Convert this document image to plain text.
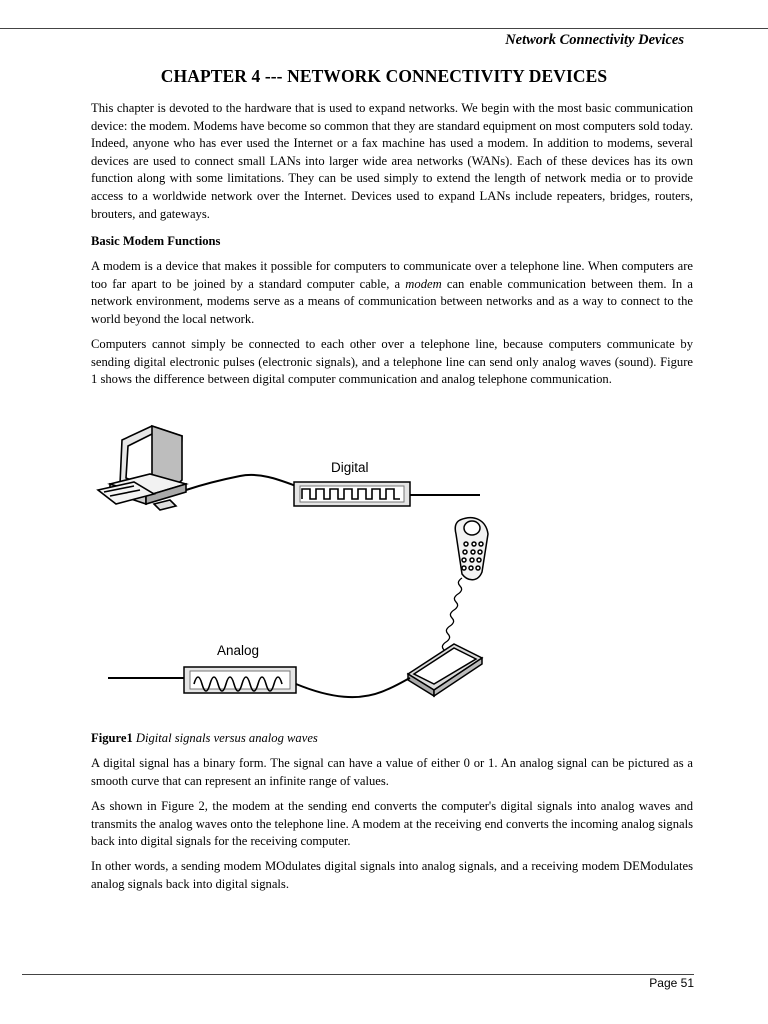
Network Connectivity Devices
CHAPTER 4 --- NETWORK CONNECTIVITY DEVICES

This chapter is devoted to the hardware that is used to expand networks. We begin with the most basic communication device: the modem. Modems have become so common that they are standard equipment on most computers sold today. Indeed, anyone who has ever used the Internet or a fax machine has used a modem. In addition to modems, several devices are used to connect small LANs into larger wide area networks (WANs). Each of these devices has its own function along with some limitations. They can be used simply to extend the length of network media or to provide access to a worldwide network over the Internet. Devices used to expand LANs include repeaters, bridges, routers, brouters, and gateways.

Basic Modem Functions

A modem is a device that makes it possible for computers to communicate over a telephone line. When computers are too far apart to be joined by a standard computer cable, a modem can enable communication between them. In a network environment, modems serve as a means of communication between networks and as a way to connect to the world beyond the local network.

Computers cannot simply be connected to each other over a telephone line, because computers communicate by sending digital electronic pulses (electronic signals), and a telephone line can send only analog waves (sound). Figure 1 shows the difference between digital computer communication and analog telephone communication.

Digital
Analog
Figure1 Digital signals versus analog waves

A digital signal has a binary form. The signal can have a value of either 0 or 1. An analog signal can be pictured as a smooth curve that can represent an infinite range of values.

As shown in Figure 2, the modem at the sending end converts the computer's digital signals into analog waves and transmits the analog waves onto the telephone line. A modem at the receiving end converts the incoming analog signals back into digital signals for the receiving computer.

In other words, a sending modem MOdulates digital signals into analog signals, and a receiving modem DEModulates analog signals back into digital signals.

Page 51
